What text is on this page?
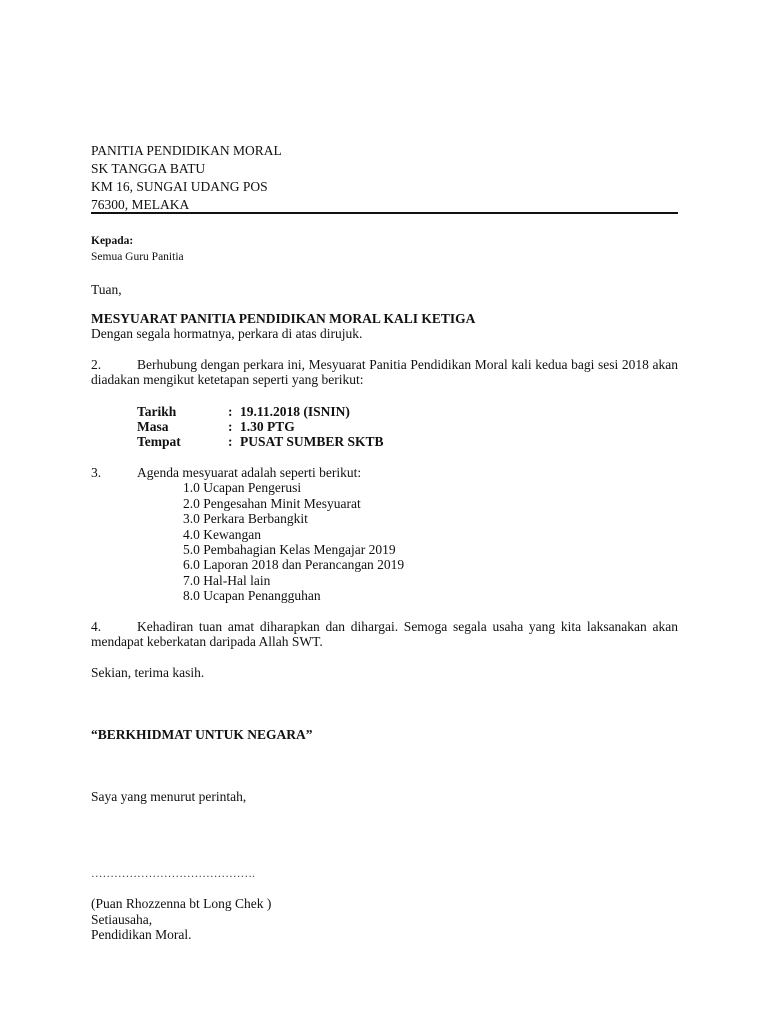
PANITIA PENDIDIKAN MORAL
SK TANGGA BATU
KM 16, SUNGAI UDANG POS
76300, MELAKA
Kepada:
Semua Guru Panitia
Tuan,
MESYUARAT PANITIA PENDIDIKAN MORAL KALI KETIGA
Dengan segala hormatnya, perkara di atas dirujuk.
2.	Berhubung dengan perkara ini, Mesyuarat Panitia Pendidikan Moral kali kedua bagi sesi 2018 akan diadakan mengikut ketetapan seperti yang berikut:
Tarikh	: 19.11.2018 (ISNIN)
Masa	: 1.30 PTG
Tempat	: PUSAT SUMBER SKTB
3.	Agenda mesyuarat adalah seperti berikut:
1.0 Ucapan Pengerusi
2.0 Pengesahan Minit Mesyuarat
3.0 Perkara Berbangkit
4.0 Kewangan
5.0 Pembahagian Kelas Mengajar 2019
6.0 Laporan 2018 dan Perancangan 2019
7.0 Hal-Hal lain
8.0 Ucapan Penangguhan
4.	Kehadiran tuan amat diharapkan dan dihargai. Semoga segala usaha yang kita laksanakan akan mendapat keberkatan daripada Allah SWT.
Sekian, terima kasih.
“BERKHIDMAT UNTUK NEGARA”
Saya yang menurut perintah,
…………………………………….
(Puan Rhozzenna bt Long Chek )
Setiausaha,
Pendidikan Moral.
